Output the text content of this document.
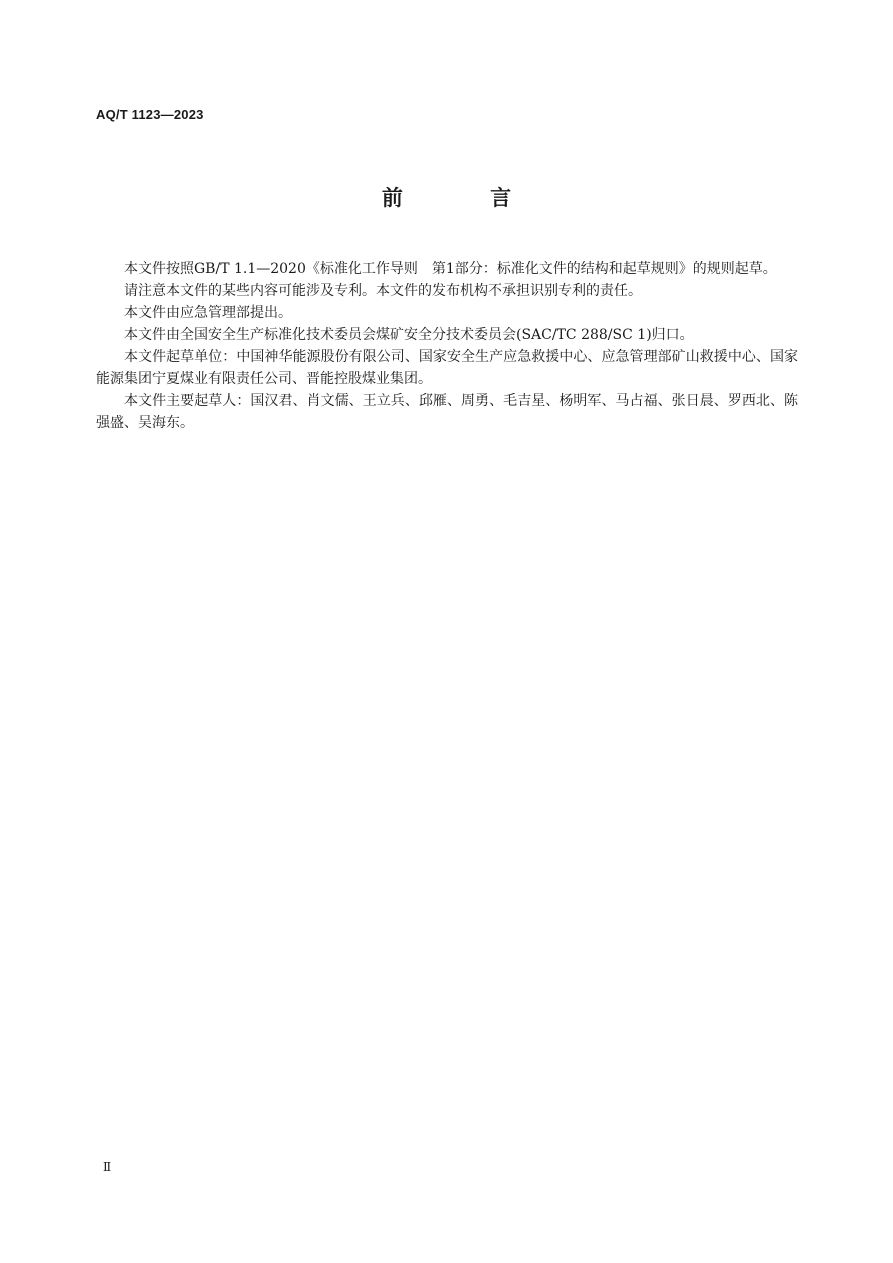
AQ/T 1123—2023
前 言

本文件按照GB/T 1.1—2020《标准化工作导则　第1部分：标准化文件的结构和起草规则》的规则起草。

请注意本文件的某些内容可能涉及专利。本文件的发布机构不承担识别专利的责任。

本文件由应急管理部提出。

本文件由全国安全生产标准化技术委员会煤矿安全分技术委员会(SAC/TC 288/SC 1)归口。

本文件起草单位：中国神华能源股份有限公司、国家安全生产应急救援中心、应急管理部矿山救援中心、国家能源集团宁夏煤业有限责任公司、晋能控股煤业集团。

本文件主要起草人：国汉君、肖文儒、王立兵、邱雁、周勇、毛吉星、杨明军、马占福、张日晨、罗西北、陈强盛、吴海东。

Ⅱ
